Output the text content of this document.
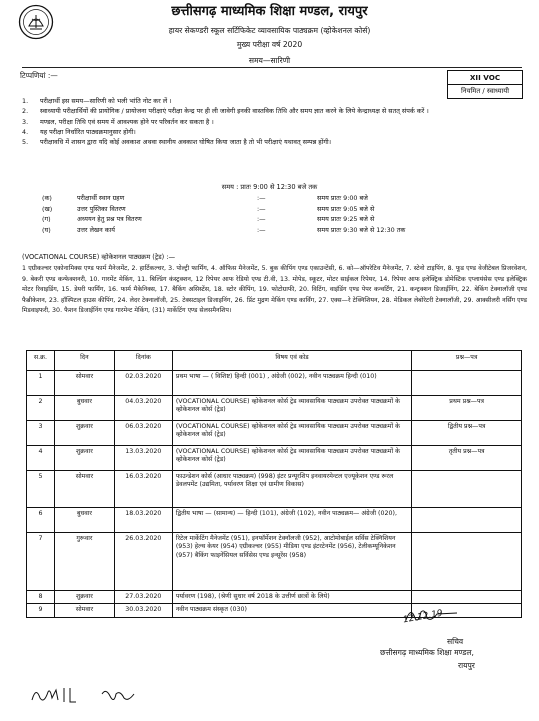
छत्तीसगढ़ माध्यमिक शिक्षा मण्डल, रायपुर
हायर सेकण्डरी स्कूल सर्टिफिकेट व्यावसायिक पाठ्यक्रम (व्होकेशनल कोर्स)
मुख्य परीक्षा वर्ष 2020
समय—सारिणी
टिप्पणियां :—	XII VOC
नियमित / स्वाध्यायी
1.	परीक्षार्थी इस समय—सारिणी को भली भांति नोट कर लें ।
2.	स्वाध्यायी परीक्षार्थियों की प्रायोगिक / प्रायोजना परीक्षाएं परीक्षा केन्द्र पर ही ली जावेगी इनकी वास्तविक तिथि और समय ज्ञात करने के लिये केन्द्राध्यक्ष से सतत् संपर्क करें ।
3.	मण्डल, परीक्षा तिथि एवं समय में आवश्यक होने पर परिवर्तन कर सकता है ।
4.	यह परीक्षा निर्धारित पाठ्यक्रमानुसार होगी।
5.	परीक्षावधि में शासन द्वारा यदि कोई अवकाश अथवा स्थानीय अवकाश घोषित किया जाता है तो भी परीक्षाएं यथावत् सम्पन्न होंगी।
समय : प्रातः 9:00 से 12:30 बजे तक
(क)	परीक्षार्थी स्थान ग्रहण	:—	समय प्रातः 9:00 बजे
(ख)	उत्तर पुस्तिका वितरण	:—	समय प्रातः 9:05 बजे से
(ग)	अध्ययन हेतु प्रश्न पत्र वितरण	:—	समय प्रातः 9:25 बजे से
(घ)	उत्तर लेखन कार्य	:—	समय प्रातः 9:30 बजे से 12:30 तक
(VOCATIONAL COURSE) व्होकेशनल पाठ्यक्रम (ट्रेड) :—
1 एग्रीकल्चर एकोनामिक्स एण्ड फार्म मैनेजमेंट, 2. हार्टिकल्चर, 3. पोल्ट्री फार्मिंग, 4. ऑफिस मैनेजमेंट, 5. बुक कीपिंग एण्ड एकाउन्टेंसी, 6. को—ऑपरेटिव मैनेजमेंट, 7. स्टेनो टाइपिंग, 8. फूड एण्ड वेजीटेबल प्रिजरवेशन, 9. बेकरी एण्ड कन्फेक्शनरी, 10. गारमेंट मेकिंग, 11. बिल्डिंग कंस्ट्रक्शन, 12 रिपेयर आफ रेडियो एण्ड टी.वी, 13. मोपेड, स्कूटर, मोटर साईकल रिपेयर, 14. रिपेयर आफ इलेक्ट्रिक डोमेस्टिक एप्लायंसेस एण्ड इलेक्ट्रिक मोटर रिवाइडिंग, 15. डेयरी फार्मिंग, 16. फार्म मैकेनिक्स, 17. बैकिंग असिस्टेंस, 18. स्टोर कीपिंग, 19. फोटोग्राफी, 20. विटिंग, वाइंडिंग एण्ड पेपर कन्वर्टिंग, 21. कन्ट्रक्शन डिजाईनिंग, 22. बेकिंग टेक्नालॉजी एण्ड फैब्रीकेशन, 23. हॉस्पिटल हाउस कीपिंग, 24. लेदर टेक्नालॉजी, 25. टेक्सटाइल डिजाइनिंग, 26. प्रिंट मुद्रण मेकिंग एण्ड कार्विंग, 27. एक्स—रे टेक्निशियन, 28. मेडिकल लेबोरेटरी टेक्नालॉजी, 29. आक्सीलरी नर्सिंग एण्ड मिडवाइफरी, 30. फैशन डिजाईनिंग एण्ड गारमेन्ट मेकिंग, (31) मार्केटिंग एण्ड सेलसमैनशिप।
स.क्र.	दिन	दिनांक	विषय एवं कोड	प्रश्न—पत्र
1	सोमवार	02.03.2020	प्रथम भाषा — ( विशिष्ट) हिन्दी (001) , अंग्रेजी (002), नवीन पाठ्यक्रम हिन्दी (010)	
2	बुधवार	04.03.2020	(VOCATIONAL COURSE) व्होकेशनल कोर्स ट्रेड व्यावसायिक पाठ्यक्रम उपरोक्त पाठ्यक्रमों के व्होकेशनल कोर्स (ट्रेड)	प्रथम प्रश्न—पत्र
3	शुक्रवार	06.03.2020	(VOCATIONAL COURSE) व्होकेशनल कोर्स ट्रेड व्यावसायिक पाठ्यक्रम उपरोक्त पाठ्यक्रमों के व्होकेशनल कोर्स (ट्रेड)	द्वितीय प्रश्न—पत्र
4	शुक्रवार	13.03.2020	(VOCATIONAL COURSE) व्होकेशनल कोर्स ट्रेड व्यावसायिक पाठ्यक्रम उपरोक्त पाठ्यक्रमों के व्होकेशनल कोर्स (ट्रेड)	तृतीय प्रश्न—पत्र
5	सोमवार	16.03.2020	फाउन्डेशन कोर्स (आधार पाठ्यक्रम) (998) इंटर प्रन्यूरशिप इनवायरमेन्टल एज्यूकेशन एण्ड रूरल डेवलपमेंट (उद्यमिता, पर्यावरण शिक्षा एवं ग्रामीण विकास)	
6	बुधवार	18.03.2020	द्वितीय भाषा — (सामान्य) — हिन्दी (101), अंग्रेजी (102), नवीन पाठ्यक्रम— अंग्रेजी (020),	
7	गुरूवार	26.03.2020	रिटेल मार्केटिंग मैनेजमेंट (951), इनफॉर्मेशन टेक्नॉलजी (952), आटोमोबाईल सर्विस टेक्निशियन (953) हेल्थ केयर (954) एग्रीकल्चर (955) मीडिया एण्ड इंटरटेनमेंट (956), टेलीकम्यूनिकेशन (957) बैकिंग फाइनेंसियल सर्विसेस एण्ड इन्सूरेंस (958)	
8	शुक्रवार	27.03.2020	पर्यावरण (198), (श्रेणी सुधार वर्ष 2018 के उत्तीर्ण छात्रों के लिये)	
9	सोमवार	30.03.2020	नवीन पाठ्यक्रम संस्कृत (030)		12.12.19
सचिव
छत्तीसगढ़ माध्यमिक शिक्षा मण्डल,
रायपुर
